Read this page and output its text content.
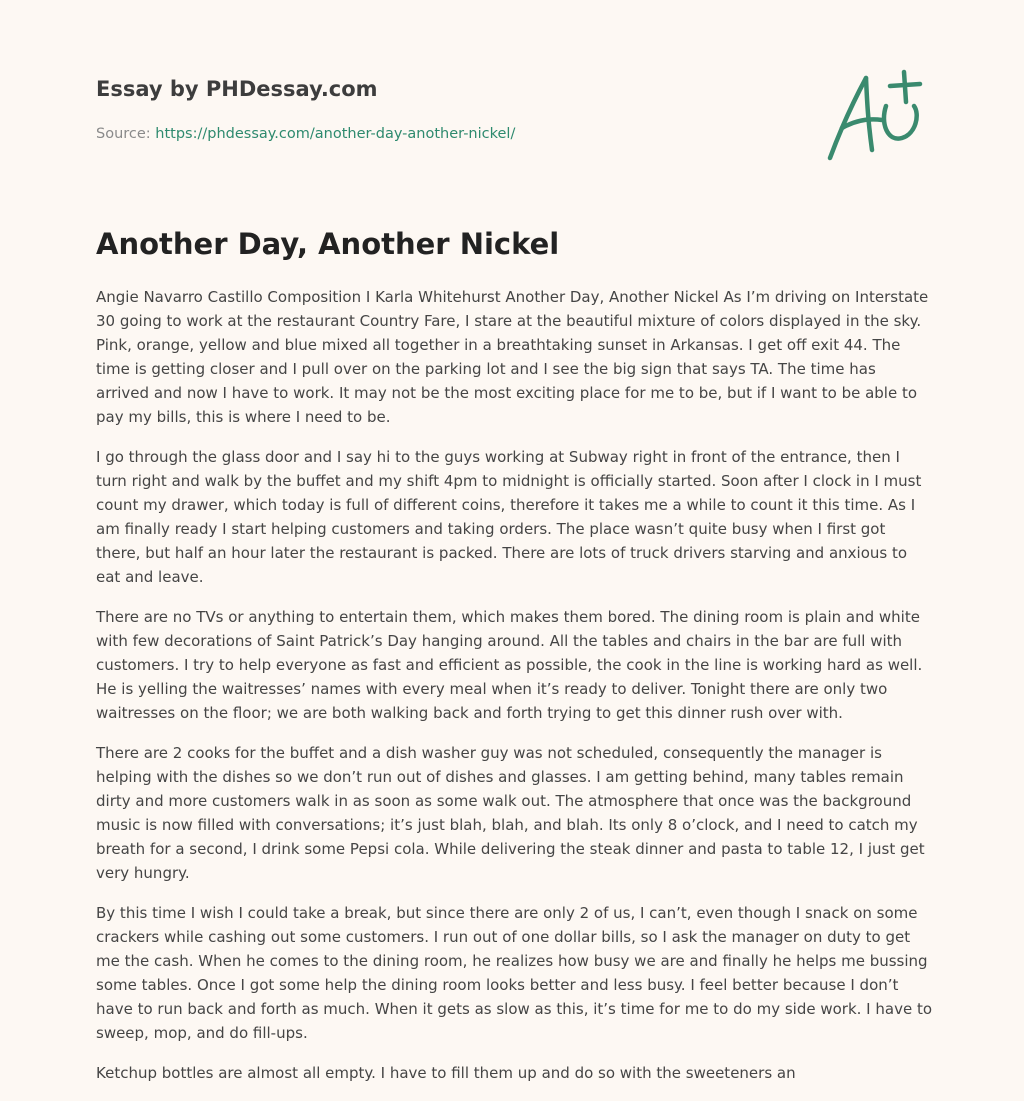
Essay by PHDessay.com
Source: https://phdessay.com/another-day-another-nickel/
Another Day, Another Nickel

Angie Navarro Castillo Composition I Karla Whitehurst Another Day, Another Nickel As I’m driving on Interstate 30 going to work at the restaurant Country Fare, I stare at the beautiful mixture of colors displayed in the sky. Pink, orange, yellow and blue mixed all together in a breathtaking sunset in Arkansas. I get off exit 44. The time is getting closer and I pull over on the parking lot and I see the big sign that says TA. The time has arrived and now I have to work. It may not be the most exciting place for me to be, but if I want to be able to pay my bills, this is where I need to be.

I go through the glass door and I say hi to the guys working at Subway right in front of the entrance, then I turn right and walk by the buffet and my shift 4pm to midnight is officially started. Soon after I clock in I must count my drawer, which today is full of different coins, therefore it takes me a while to count it this time. As I am finally ready I start helping customers and taking orders. The place wasn’t quite busy when I first got there, but half an hour later the restaurant is packed. There are lots of truck drivers starving and anxious to eat and leave.

There are no TVs or anything to entertain them, which makes them bored. The dining room is plain and white with few decorations of Saint Patrick’s Day hanging around. All the tables and chairs in the bar are full with customers. I try to help everyone as fast and efficient as possible, the cook in the line is working hard as well. He is yelling the waitresses’ names with every meal when it’s ready to deliver. Tonight there are only two waitresses on the floor; we are both walking back and forth trying to get this dinner rush over with.

There are 2 cooks for the buffet and a dish washer guy was not scheduled, consequently the manager is helping with the dishes so we don’t run out of dishes and glasses. I am getting behind, many tables remain dirty and more customers walk in as soon as some walk out. The atmosphere that once was the background music is now filled with conversations; it’s just blah, blah, and blah. Its only 8 o’clock, and I need to catch my breath for a second, I drink some Pepsi cola. While delivering the steak dinner and pasta to table 12, I just get very hungry.

By this time I wish I could take a break, but since there are only 2 of us, I can’t, even though I snack on some crackers while cashing out some customers. I run out of one dollar bills, so I ask the manager on duty to get me the cash. When he comes to the dining room, he realizes how busy we are and finally he helps me bussing some tables. Once I got some help the dining room looks better and less busy. I feel better because I don’t have to run back and forth as much. When it gets as slow as this, it’s time for me to do my side work. I have to sweep, mop, and do fill-ups.

Ketchup bottles are almost all empty. I have to fill them up and do so with the sweeteners an
